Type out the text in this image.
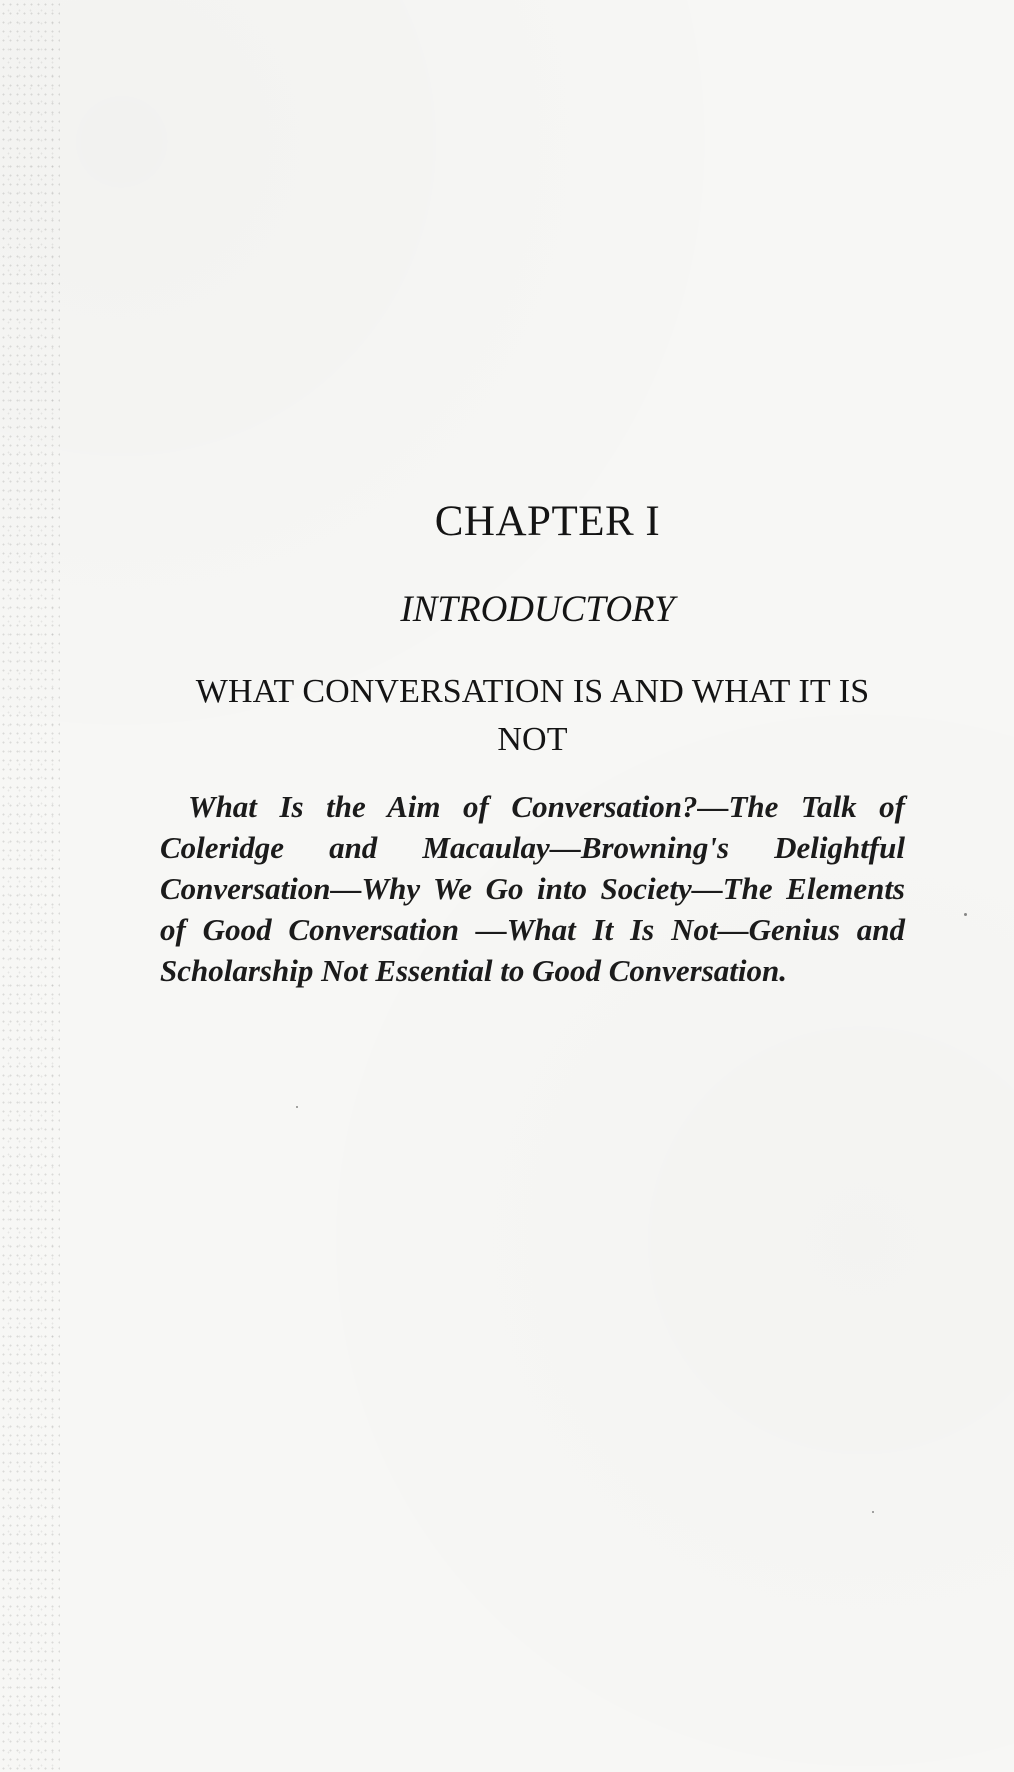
CHAPTER I
INTRODUCTORY
WHAT CONVERSATION IS AND WHAT IT IS NOT

What Is the Aim of Conversation?—The Talk of Coleridge and Macaulay—Browning's Delightful Conversation—Why We Go into Society—The Elements of Good Conversation —What It Is Not—Genius and Scholarship Not Essential to Good Conversation.
